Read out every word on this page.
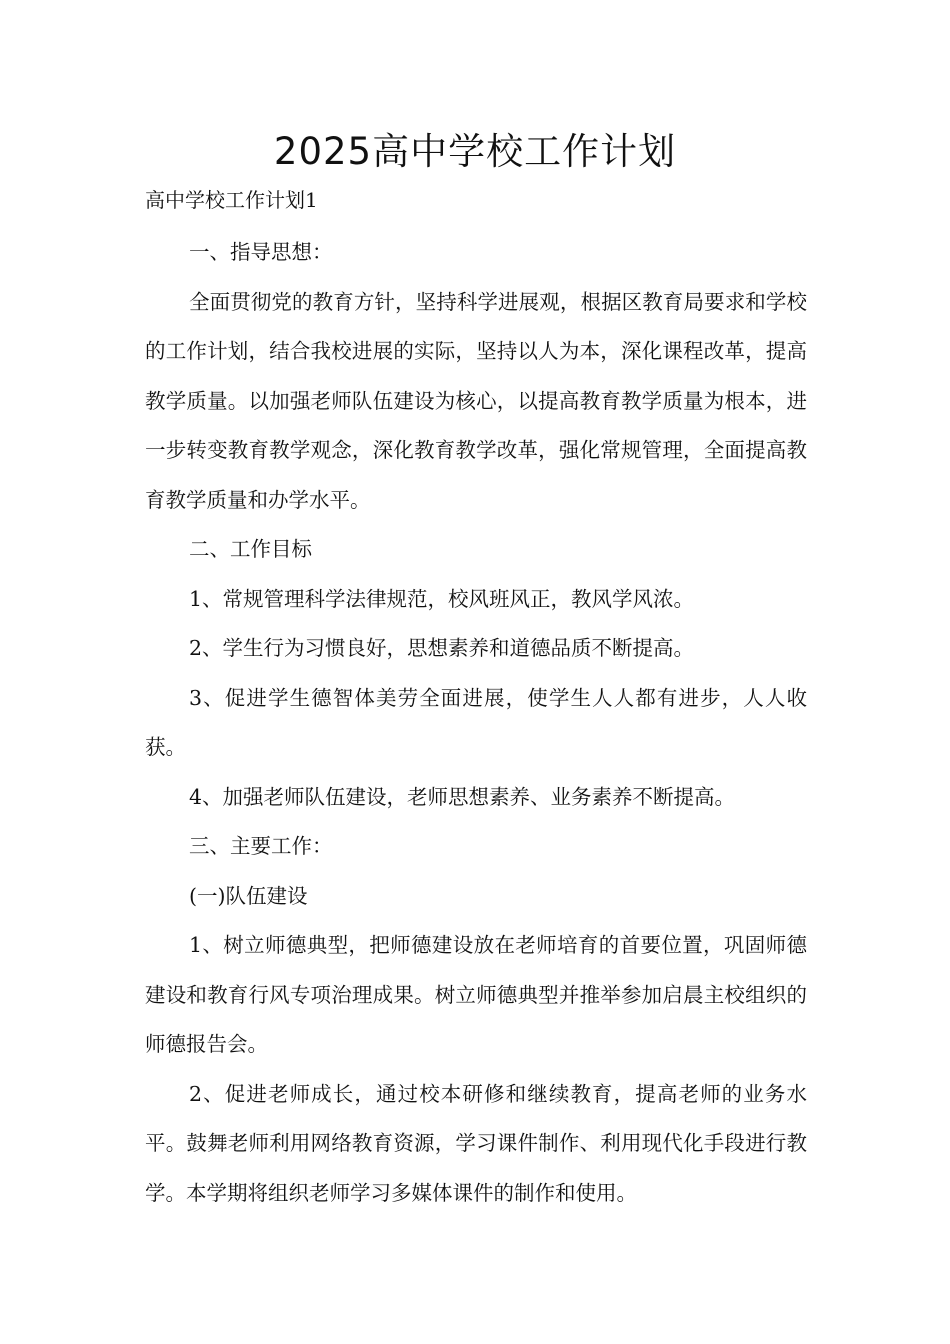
2025高中学校工作计划

高中学校工作计划1

一、指导思想：

全面贯彻党的教育方针，坚持科学进展观，根据区教育局要求和学校的工作计划，结合我校进展的实际，坚持以人为本，深化课程改革，提高教学质量。以加强老师队伍建设为核心，以提高教育教学质量为根本，进一步转变教育教学观念，深化教育教学改革，强化常规管理，全面提高教育教学质量和办学水平。

二、工作目标

1、常规管理科学法律规范，校风班风正，教风学风浓。

2、学生行为习惯良好，思想素养和道德品质不断提高。

3、促进学生德智体美劳全面进展，使学生人人都有进步，人人收获。

4、加强老师队伍建设，老师思想素养、业务素养不断提高。

三、主要工作：

(一)队伍建设

1、树立师德典型，把师德建设放在老师培育的首要位置，巩固师德建设和教育行风专项治理成果。树立师德典型并推举参加启晨主校组织的师德报告会。

2、促进老师成长，通过校本研修和继续教育，提高老师的业务水平。鼓舞老师利用网络教育资源，学习课件制作、利用现代化手段进行教学。本学期将组织老师学习多媒体课件的制作和使用。
